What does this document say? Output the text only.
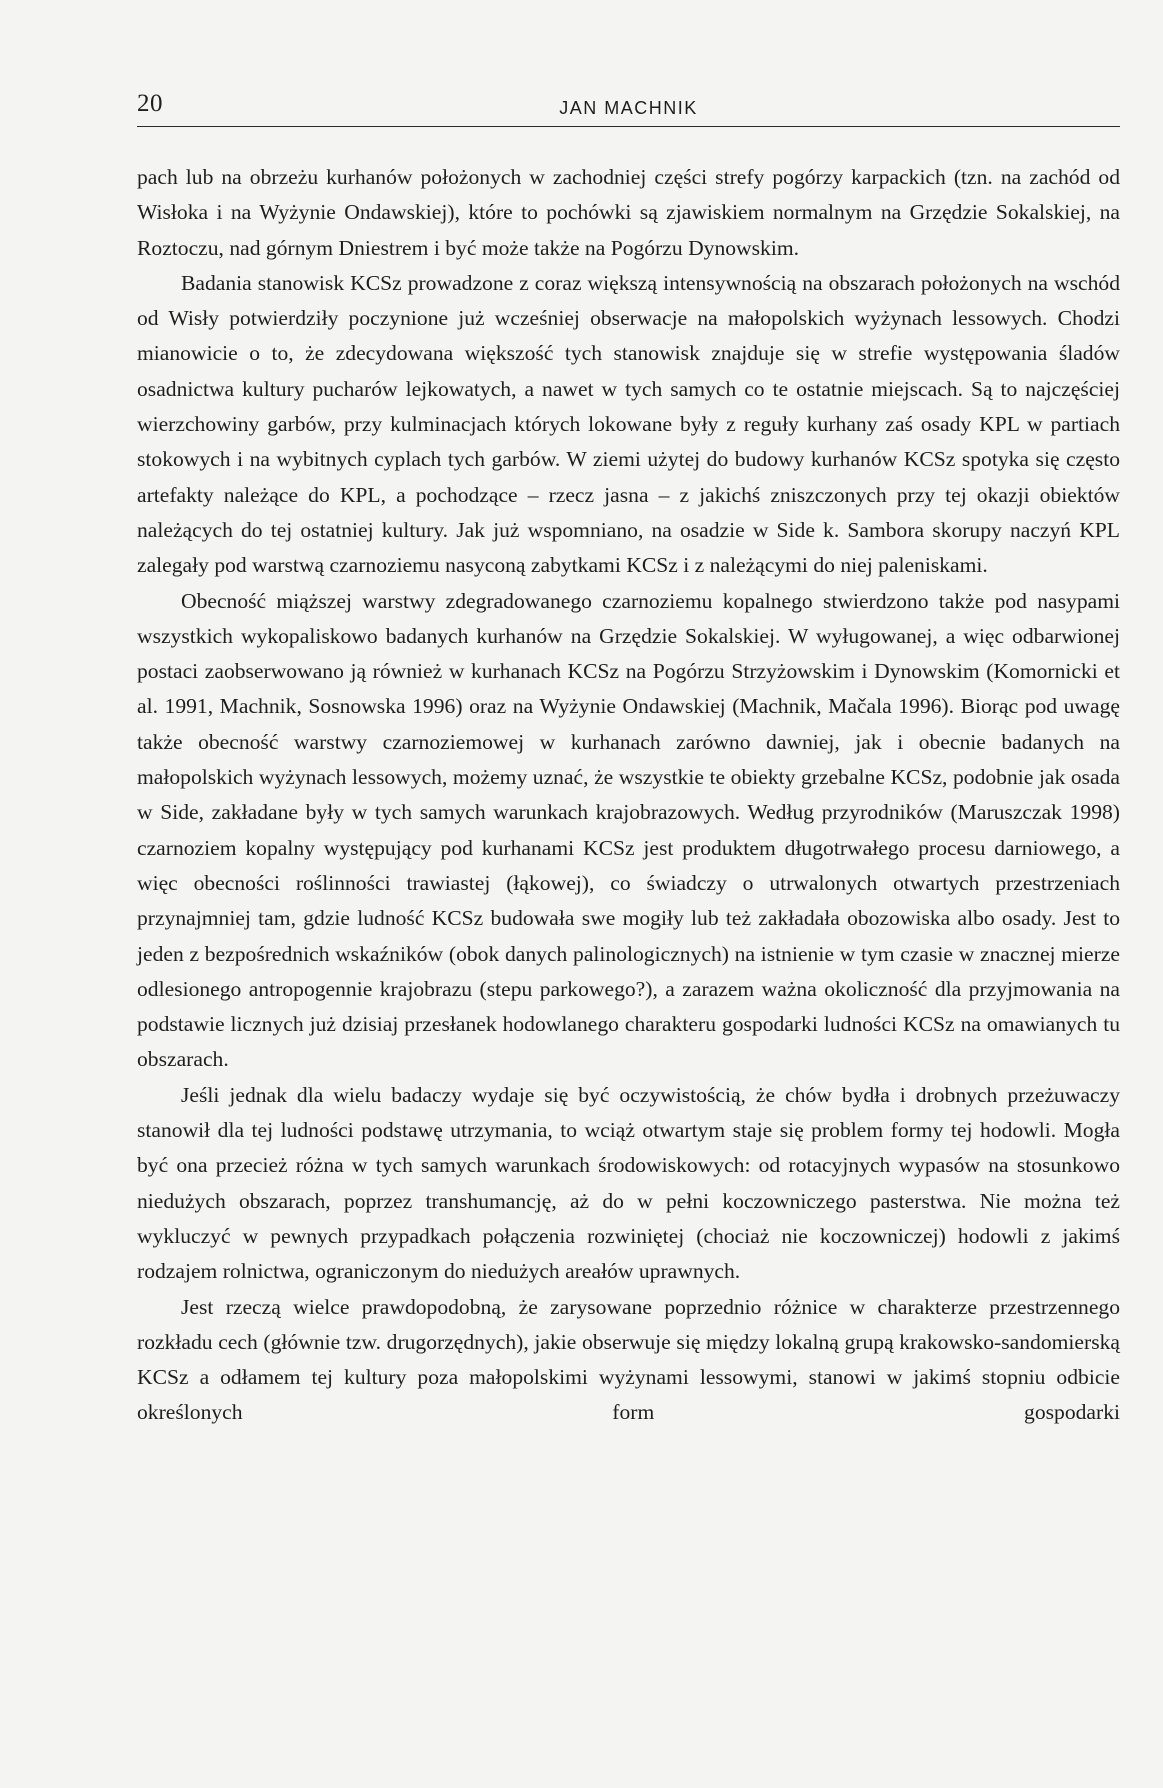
20	JAN MACHNIK

pach lub na obrzeżu kurhanów położonych w zachodniej części strefy pogórzy karpackich (tzn. na zachód od Wisłoka i na Wyżynie Ondawskiej), które to pochówki są zjawiskiem normalnym na Grzędzie Sokalskiej, na Roztoczu, nad górnym Dniestrem i być może także na Pogórzu Dynowskim.

Badania stanowisk KCSz prowadzone z coraz większą intensywnością na obszarach położonych na wschód od Wisły potwierdziły poczynione już wcześniej obserwacje na małopolskich wyżynach lessowych. Chodzi mianowicie o to, że zdecydowana większość tych stanowisk znajduje się w strefie występowania śladów osadnictwa kultury pucharów lejkowatych, a nawet w tych samych co te ostatnie miejscach. Są to najczęściej wierzchowiny garbów, przy kulminacjach których lokowane były z reguły kurhany zaś osady KPL w partiach stokowych i na wybitnych cyplach tych garbów. W ziemi użytej do budowy kurhanów KCSz spotyka się często artefakty należące do KPL, a pochodzące – rzecz jasna – z jakichś zniszczonych przy tej okazji obiektów należących do tej ostatniej kultury. Jak już wspomniano, na osadzie w Side k. Sambora skorupy naczyń KPL zalegały pod warstwą czarnoziemu nasyconą zabytkami KCSz i z należącymi do niej paleniskami.

Obecność miąższej warstwy zdegradowanego czarnoziemu kopalnego stwierdzono także pod nasypami wszystkich wykopaliskowo badanych kurhanów na Grzędzie Sokalskiej. W wyługowanej, a więc odbarwionej postaci zaobserwowano ją również w kurhanach KCSz na Pogórzu Strzyżowskim i Dynowskim (Komornicki et al. 1991, Machnik, Sosnowska 1996) oraz na Wyżynie Ondawskiej (Machnik, Mačala 1996). Biorąc pod uwagę także obecność warstwy czarnoziemowej w kurhanach zarówno dawniej, jak i obecnie badanych na małopolskich wyżynach lessowych, możemy uznać, że wszystkie te obiekty grzebalne KCSz, podobnie jak osada w Side, zakładane były w tych samych warunkach krajobrazowych. Według przyrodników (Maruszczak 1998) czarnoziem kopalny występujący pod kurhanami KCSz jest produktem długotrwałego procesu darniowego, a więc obecności roślinności trawiastej (łąkowej), co świadczy o utrwalonych otwartych przestrzeniach przynajmniej tam, gdzie ludność KCSz budowała swe mogiły lub też zakładała obozowiska albo osady. Jest to jeden z bezpośrednich wskaźników (obok danych palinologicznych) na istnienie w tym czasie w znacznej mierze odlesionego antropogennie krajobrazu (stepu parkowego?), a zarazem ważna okoliczność dla przyjmowania na podstawie licznych już dzisiaj przesłanek hodowlanego charakteru gospodarki ludności KCSz na omawianych tu obszarach.

Jeśli jednak dla wielu badaczy wydaje się być oczywistością, że chów bydła i drobnych przeżuwaczy stanowił dla tej ludności podstawę utrzymania, to wciąż otwartym staje się problem formy tej hodowli. Mogła być ona przecież różna w tych samych warunkach środowiskowych: od rotacyjnych wypasów na stosunkowo niedużych obszarach, poprzez transhumancję, aż do w pełni koczowniczego pasterstwa. Nie można też wykluczyć w pewnych przypadkach połączenia rozwiniętej (chociaż nie koczowniczej) hodowli z jakimś rodzajem rolnictwa, ograniczonym do niedużych areałów uprawnych.

Jest rzeczą wielce prawdopodobną, że zarysowane poprzednio różnice w charakterze przestrzennego rozkładu cech (głównie tzw. drugorzędnych), jakie obserwuje się między lokalną grupą krakowsko-sandomierską KCSz a odłamem tej kultury poza małopolskimi wyżynami lessowymi, stanowi w jakimś stopniu odbicie określonych form gospodarki
